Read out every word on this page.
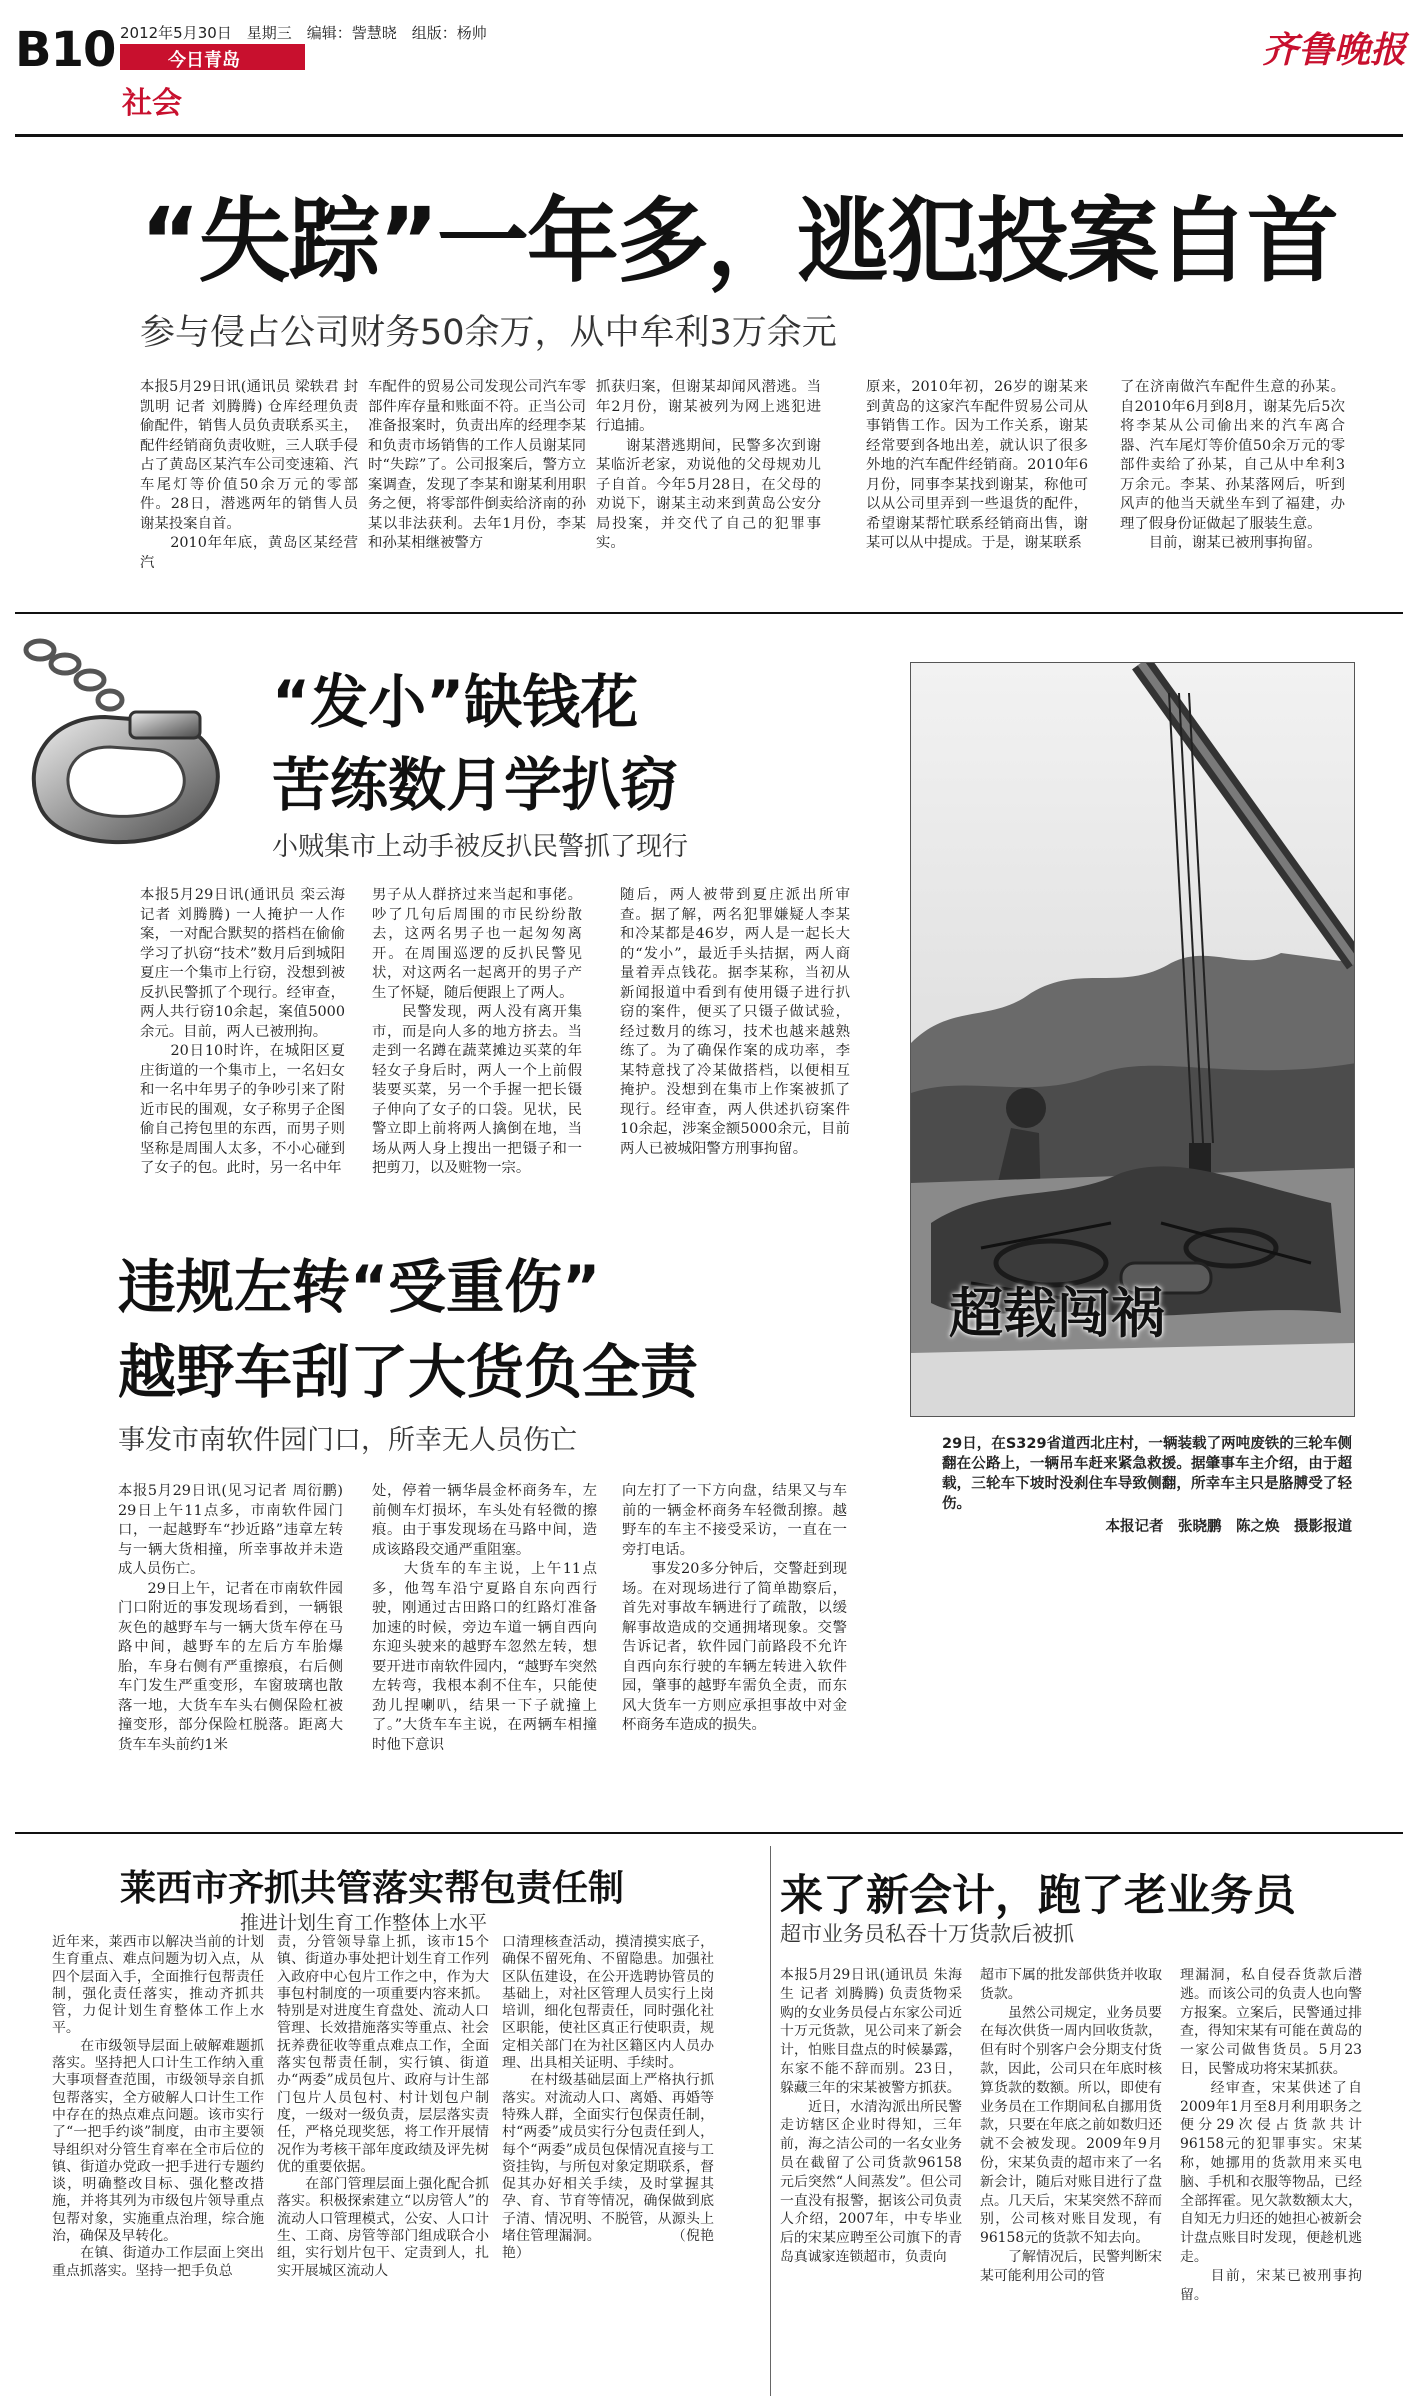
B10 2012年5月30日　星期三　编辑：訾慧晓　组版：杨帅
今日青岛
社会
齐鲁晚报
“失踪”一年多，逃犯投案自首
参与侵占公司财务50余万，从中牟利3万余元
本报5月29日讯(通讯员 梁轶君 封凯明 记者 刘腾腾) 仓库经理负责偷配件，销售人员负责联系买主，配件经销商负责收赃，三人联手侵占了黄岛区某汽车公司变速箱、汽车尾灯等价值50余万元的零部件。28日，潜逃两年的销售人员谢某投案自首。
　　2010年年底，黄岛区某经营汽
车配件的贸易公司发现公司汽车零部件库存量和账面不符。正当公司准备报案时，负责出库的经理李某和负责市场销售的工作人员谢某同时“失踪”了。公司报案后，警方立案调查，发现了李某和谢某利用职务之便，将零部件倒卖给济南的孙某以非法获利。去年1月份，李某和孙某相继被警方
抓获归案，但谢某却闻风潜逃。当年2月份，谢某被列为网上逃犯进行追捕。
　　谢某潜逃期间，民警多次到谢某临沂老家，劝说他的父母规劝儿子自首。今年5月28日，在父母的劝说下，谢某主动来到黄岛公安分局投案，并交代了自己的犯罪事实。
原来，2010年初，26岁的谢某来到黄岛的这家汽车配件贸易公司从事销售工作。因为工作关系，谢某经常要到各地出差，就认识了很多外地的汽车配件经销商。2010年6月份，同事李某找到谢某，称他可以从公司里弄到一些退货的配件，希望谢某帮忙联系经销商出售，谢某可以从中提成。于是，谢某联系
了在济南做汽车配件生意的孙某。自2010年6月到8月，谢某先后5次将李某从公司偷出来的汽车离合器、汽车尾灯等价值50余万元的零部件卖给了孙某，自己从中牟利3万余元。李某、孙某落网后，听到风声的他当天就坐车到了福建，办理了假身份证做起了服装生意。
　　目前，谢某已被刑事拘留。
“发小”缺钱花
苦练数月学扒窃
小贼集市上动手被反扒民警抓了现行
本报5月29日讯(通讯员 栾云海 记者 刘腾腾) 一人掩护一人作案，一对配合默契的搭档在偷偷学习了扒窃“技术”数月后到城阳夏庄一个集市上行窃，没想到被反扒民警抓了个现行。经审查，两人共行窃10余起，案值5000余元。目前，两人已被刑拘。
　　20日10时许，在城阳区夏庄街道的一个集市上，一名妇女和一名中年男子的争吵引来了附近市民的围观，女子称男子企图偷自己挎包里的东西，而男子则坚称是周围人太多，不小心碰到了女子的包。此时，另一名中年
男子从人群挤过来当起和事佬。吵了几句后周围的市民纷纷散去，这两名男子也一起匆匆离开。在周围巡逻的反扒民警见状，对这两名一起离开的男子产生了怀疑，随后便跟上了两人。
　　民警发现，两人没有离开集市，而是向人多的地方挤去。当走到一名蹲在蔬菜摊边买菜的年轻女子身后时，两人一个上前假装要买菜，另一个手握一把长镊子伸向了女子的口袋。见状，民警立即上前将两人擒倒在地，当场从两人身上搜出一把镊子和一把剪刀，以及赃物一宗。
随后，两人被带到夏庄派出所审查。据了解，两名犯罪嫌疑人李某和冷某都是46岁，两人是一起长大的“发小”，最近手头拮据，两人商量着弄点钱花。据李某称，当初从新闻报道中看到有使用镊子进行扒窃的案件，便买了只镊子做试验，经过数月的练习，技术也越来越熟练了。为了确保作案的成功率，李某特意找了冷某做搭档，以便相互掩护。没想到在集市上作案被抓了现行。经审查，两人供述扒窃案件10余起，涉案金额5000余元，目前两人已被城阳警方刑事拘留。
超载闯祸

29日，在S329省道西北庄村，一辆装载了两吨废铁的三轮车侧翻在公路上，一辆吊车赶来紧急救援。据肇事车主介绍，由于超载，三轮车下坡时没刹住车导致侧翻，所幸车主只是胳膊受了轻伤。

本报记者　张晓鹏　陈之焕　摄影报道

违规左转“受重伤”
越野车刮了大货负全责
事发市南软件园门口，所幸无人员伤亡
本报5月29日讯(见习记者 周衍鹏) 29日上午11点多，市南软件园门口，一起越野车“抄近路”违章左转与一辆大货相撞，所幸事故并未造成人员伤亡。
　　29日上午，记者在市南软件园门口附近的事发现场看到，一辆银灰色的越野车与一辆大货车停在马路中间，越野车的左后方车胎爆胎，车身右侧有严重擦痕，右后侧车门发生严重变形，车窗玻璃也散落一地，大货车车头右侧保险杠被撞变形，部分保险杠脱落。距离大货车车头前约1米
处，停着一辆华晨金杯商务车，左前侧车灯损坏，车头处有轻微的擦痕。由于事发现场在马路中间，造成该路段交通严重阻塞。
　　大货车的车主说，上午11点多，他驾车沿宁夏路自东向西行驶，刚通过古田路口的红路灯准备加速的时候，旁边车道一辆自西向东迎头驶来的越野车忽然左转，想要开进市南软件园内，“越野车突然左转弯，我根本刹不住车，只能使劲儿捏喇叭，结果一下子就撞上了。”大货车车主说，在两辆车相撞时他下意识
向左打了一下方向盘，结果又与车前的一辆金杯商务车轻微刮擦。越野车的车主不接受采访，一直在一旁打电话。
　　事发20多分钟后，交警赶到现场。在对现场进行了简单勘察后，首先对事故车辆进行了疏散，以缓解事故造成的交通拥堵现象。交警告诉记者，软件园门前路段不允许自西向东行驶的车辆左转进入软件园，肇事的越野车需负全责，而东风大货车一方则应承担事故中对金杯商务车造成的损失。
莱西市齐抓共管落实帮包责任制
推进计划生育工作整体上水平
近年来，莱西市以解决当前的计划生育重点、难点问题为切入点，从四个层面入手，全面推行包帮责任制，强化责任落实，推动齐抓共管，力促计划生育整体工作上水平。
　　在市级领导层面上破解难题抓落实。坚持把人口计生工作纳入重大事项督查范围，市级领导亲自抓包帮落实，全方破解人口计生工作中存在的热点难点问题。该市实行了“一把手约谈”制度，由市主要领导组织对分管生育率在全市后位的镇、街道办党政一把手进行专题约谈，明确整改目标、强化整改措施，并将其列为市级包片领导重点包帮对象，实施重点治理，综合施治，确保及早转化。
　　在镇、街道办工作层面上突出重点抓落实。坚持一把手负总
责，分管领导靠上抓，该市15个镇、街道办事处把计划生育工作列入政府中心包片工作之中，作为大事包村制度的一项重要内容来抓。特别是对进度生育盘处、流动人口管理、长效措施落实等重点、社会抚养费征收等重点难点工作，全面落实包帮责任制，实行镇、街道办“两委”成员包片、政府与计生部门包片人员包村、村计划包户制度，一级对一级负责，层层落实责任，严格兑现奖惩，将工作开展情况作为考核干部年度政绩及评先树优的重要依据。
　　在部门管理层面上强化配合抓落实。积极探索建立“以房管人”的流动人口管理模式，公安、人口计生、工商、房管等部门组成联合小组，实行划片包干、定责到人，扎实开展城区流动人
口清理核查活动，摸清摸实底子，确保不留死角、不留隐患。加强社区队伍建设，在公开选聘协管员的基础上，对社区管理人员实行上岗培训，细化包帮责任，同时强化社区职能，使社区真正行使职责，规定相关部门在为社区籍区内人员办理、出具相关证明、手续时。
　　在村级基础层面上严格执行抓落实。对流动人口、离婚、再婚等特殊人群，全面实行包保责任制，村“两委”成员实行分包责任到人，每个“两委”成员包保情况直接与工资挂钩，与所包对象定期联系，督促其办好相关手续，及时掌握其孕、育、节育等情况，确保做到底子清、情况明、不脱管，从源头上堵住管理漏洞。　　　　　　（倪艳艳）
来了新会计，跑了老业务员
超市业务员私吞十万货款后被抓
本报5月29日讯(通讯员 朱海生 记者 刘腾腾) 负责货物采购的女业务员侵占东家公司近十万元货款，见公司来了新会计，怕账目盘点的时候暴露，东家不能不辞而别。23日，躲藏三年的宋某被警方抓获。
　　近日，水清沟派出所民警走访辖区企业时得知，三年前，海之洁公司的一名女业务员在截留了公司货款96158元后突然“人间蒸发”。但公司一直没有报警，据该公司负责人介绍，2007年，中专毕业后的宋某应聘至公司旗下的青岛真诚家连锁超市，负责向
超市下属的批发部供货并收取货款。
　　虽然公司规定，业务员要在每次供货一周内回收货款，但有时个别客户会分期支付货款，因此，公司只在年底时核算货款的数额。所以，即使有业务员在工作期间私自挪用货款，只要在年底之前如数归还就不会被发现。2009年9月份，宋某负责的超市来了一名新会计，随后对账目进行了盘点。几天后，宋某突然不辞而别，公司核对账目发现，有96158元的货款不知去向。
　　了解情况后，民警判断宋某可能利用公司的管
理漏洞，私自侵吞货款后潜逃。而该公司的负责人也向警方报案。立案后，民警通过排查，得知宋某有可能在黄岛的一家公司做售货员。5月23日，民警成功将宋某抓获。
　　经审查，宋某供述了自2009年1月至8月利用职务之便分29次侵占货款共计96158元的犯罪事实。宋某称，她挪用的货款用来买电脑、手机和衣服等物品，已经全部挥霍。见欠款数额太大，自知无力归还的她担心被新会计盘点账目时发现，便趁机逃走。
　　目前，宋某已被刑事拘留。
